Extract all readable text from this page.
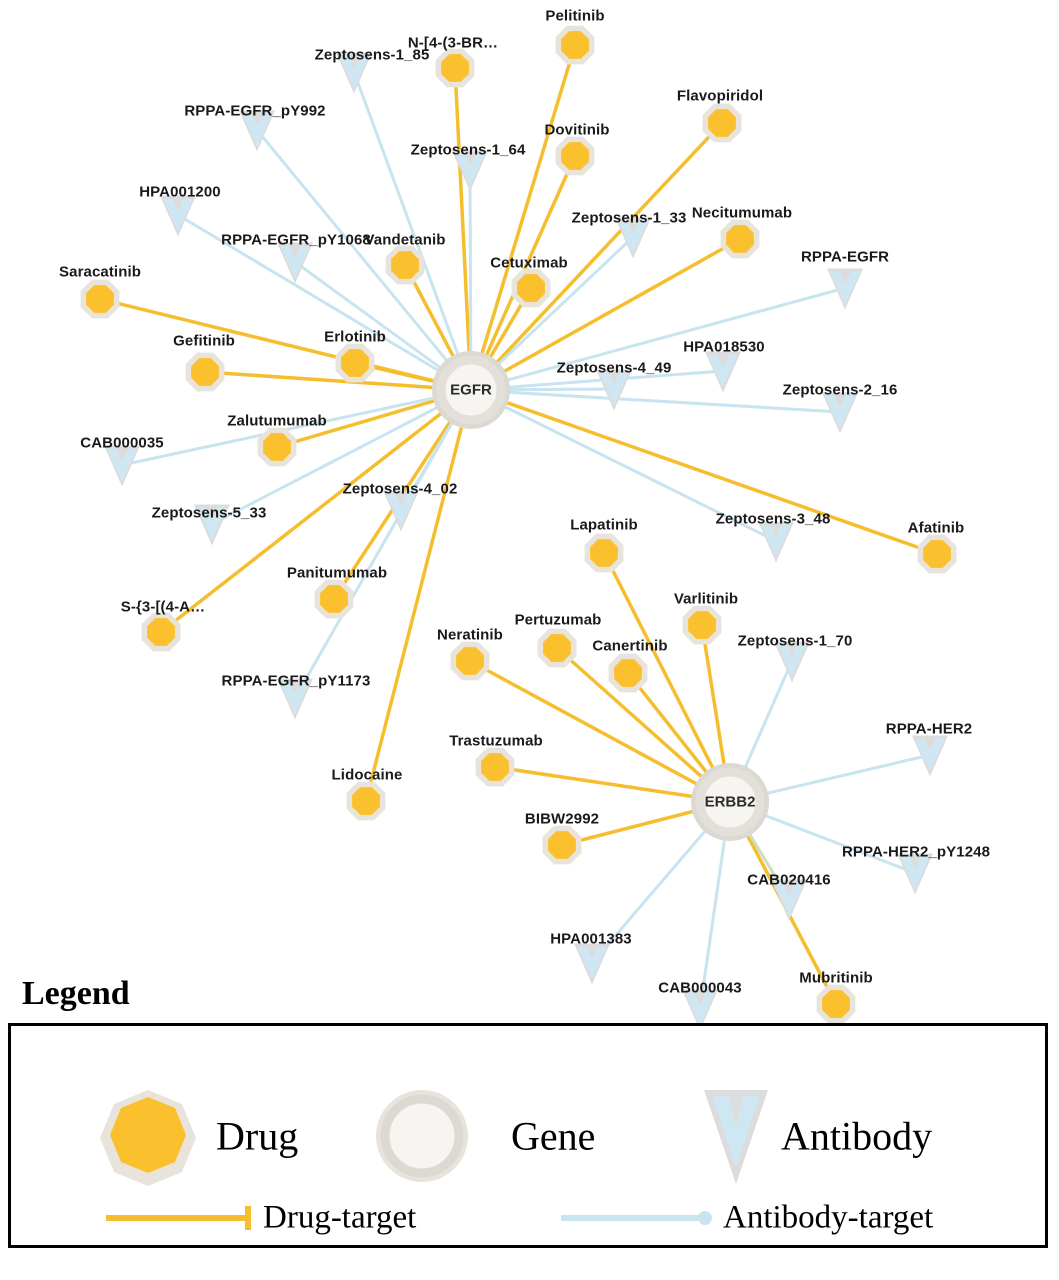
Zeptosens-1_85
RPPA-EGFR_pY992
Zeptosens-1_64
HPA001200
Zeptosens-1_33
RPPA-EGFR_pY1068
RPPA-EGFR
HPA018530
Zeptosens-4_49
Zeptosens-2_16
CAB000035
Zeptosens-4_02
Zeptosens-5_33	Zeptosens-3_48
Zeptosens-1_70
RPPA-EGFR_pY1173
RPPA-HER2
RPPA-HER2_pY1248
CAB020416
HPA001383
CAB000043
Pelitinib
N-[4-(3-BR…
Flavopiridol
Dovitinib
Necitumumab
Vandetanib
Cetuximab
Saracatinib
Erlotinib
Gefitinib
Zalutumumab
Afatinib
Lapatinib
Varlitinib
Panitumumab
S-{3-[(4-A…
Pertuzumab
Canertinib
Neratinib
Trastuzumab
Lidocaine
BIBW2992
Mubritinib
EGFR
ERBB2
Legend
Drug	Gene	Antibody
Drug-target	Antibody-target
